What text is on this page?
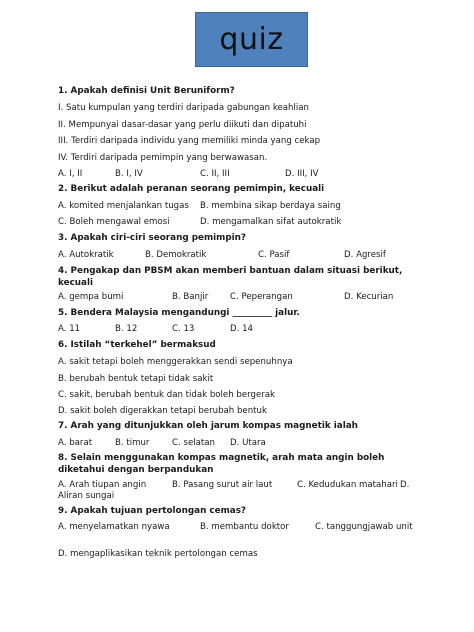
quiz
1. Apakah definisi Unit Beruniform?
I. Satu kumpulan yang terdiri daripada gabungan keahlian
II. Mempunyai dasar-dasar yang perlu diikuti dan dipatuhi
III. Terdiri daripada individu yang memiliki minda yang cekap
IV. Terdiri daripada pemimpin yang berwawasan.
A. I, II	B. I, IV	C. II, III	D. III, IV
2. Berikut adalah peranan seorang pemimpin, kecuali
A. komited menjalankan tugas B. membina sikap berdaya saing
C. Boleh mengawal emosi	D. mengamalkan sifat autokratik
3. Apakah ciri-ciri seorang pemimpin?
A. Autokratik	B. Demokratik	C. Pasif	D. Agresif
4. Pengakap dan PBSM akan memberi bantuan dalam situasi berikut, kecuali
A. gempa bumi	B. Banjir	C. Peperangan	D. Kecurian
5. Bendera Malaysia mengandungi _________ jalur.
A. 11	B. 12	C. 13	D. 14
6. Istilah “terkehel” bermaksud
A. sakit tetapi boleh menggerakkan sendi sepenuhnya
B. berubah bentuk tetapi tidak sakit
C. sakit, berubah bentuk dan tidak boleh bergerak
D. sakit boleh digerakkan tetapi berubah bentuk
7. Arah yang ditunjukkan oleh jarum kompas magnetik ialah
A. barat	B. timur	C. selatan D. Utara
8. Selain menggunakan kompas magnetik, arah mata angin boleh diketahui dengan berpandukan
A. Arah tiupan angin	B. Pasang surut air laut	C. Kedudukan matahari D.
Aliran sungai
9. Apakah tujuan pertolongan cemas?
A. menyelamatkan nyawa	B. membantu doktor	C. tanggungjawab unit
D. mengaplikasikan teknik pertolongan cemas
